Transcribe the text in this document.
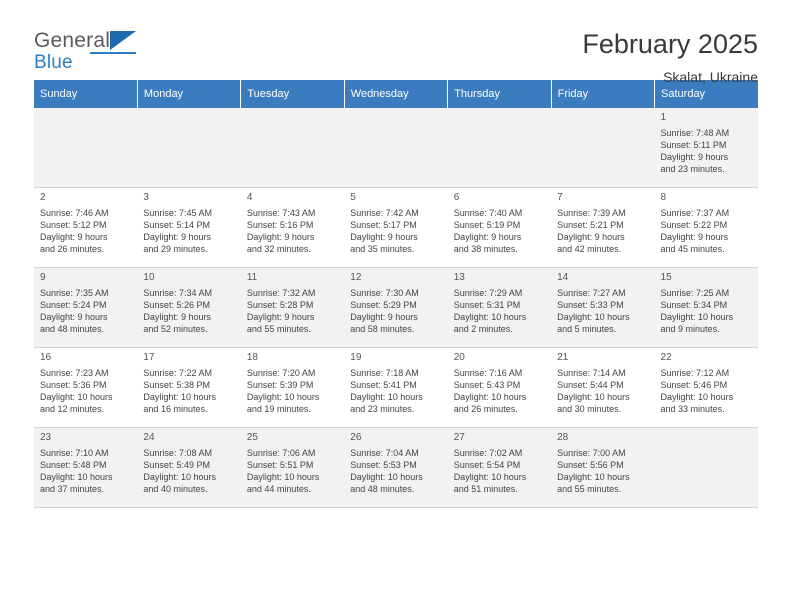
General
Blue
February 2025
Skalat, Ukraine
Sunday	Monday	Tuesday	Wednesday	Thursday	Friday	Saturday

						1
Sunrise: 7:48 AM
Sunset: 5:11 PM
Daylight: 9 hours
and 23 minutes.

2
Sunrise: 7:46 AM
Sunset: 5:12 PM
Daylight: 9 hours
and 26 minutes.	3
Sunrise: 7:45 AM
Sunset: 5:14 PM
Daylight: 9 hours
and 29 minutes.	4
Sunrise: 7:43 AM
Sunset: 5:16 PM
Daylight: 9 hours
and 32 minutes.	5
Sunrise: 7:42 AM
Sunset: 5:17 PM
Daylight: 9 hours
and 35 minutes.	6
Sunrise: 7:40 AM
Sunset: 5:19 PM
Daylight: 9 hours
and 38 minutes.	7
Sunrise: 7:39 AM
Sunset: 5:21 PM
Daylight: 9 hours
and 42 minutes.	8
Sunrise: 7:37 AM
Sunset: 5:22 PM
Daylight: 9 hours
and 45 minutes.

9
Sunrise: 7:35 AM
Sunset: 5:24 PM
Daylight: 9 hours
and 48 minutes.	10
Sunrise: 7:34 AM
Sunset: 5:26 PM
Daylight: 9 hours
and 52 minutes.	11
Sunrise: 7:32 AM
Sunset: 5:28 PM
Daylight: 9 hours
and 55 minutes.	12
Sunrise: 7:30 AM
Sunset: 5:29 PM
Daylight: 9 hours
and 58 minutes.	13
Sunrise: 7:29 AM
Sunset: 5:31 PM
Daylight: 10 hours
and 2 minutes.	14
Sunrise: 7:27 AM
Sunset: 5:33 PM
Daylight: 10 hours
and 5 minutes.	15
Sunrise: 7:25 AM
Sunset: 5:34 PM
Daylight: 10 hours
and 9 minutes.

16
Sunrise: 7:23 AM
Sunset: 5:36 PM
Daylight: 10 hours
and 12 minutes.	17
Sunrise: 7:22 AM
Sunset: 5:38 PM
Daylight: 10 hours
and 16 minutes.	18
Sunrise: 7:20 AM
Sunset: 5:39 PM
Daylight: 10 hours
and 19 minutes.	19
Sunrise: 7:18 AM
Sunset: 5:41 PM
Daylight: 10 hours
and 23 minutes.	20
Sunrise: 7:16 AM
Sunset: 5:43 PM
Daylight: 10 hours
and 26 minutes.	21
Sunrise: 7:14 AM
Sunset: 5:44 PM
Daylight: 10 hours
and 30 minutes.	22
Sunrise: 7:12 AM
Sunset: 5:46 PM
Daylight: 10 hours
and 33 minutes.

23
Sunrise: 7:10 AM
Sunset: 5:48 PM
Daylight: 10 hours
and 37 minutes.	24
Sunrise: 7:08 AM
Sunset: 5:49 PM
Daylight: 10 hours
and 40 minutes.	25
Sunrise: 7:06 AM
Sunset: 5:51 PM
Daylight: 10 hours
and 44 minutes.	26
Sunrise: 7:04 AM
Sunset: 5:53 PM
Daylight: 10 hours
and 48 minutes.	27
Sunrise: 7:02 AM
Sunset: 5:54 PM
Daylight: 10 hours
and 51 minutes.	28
Sunrise: 7:00 AM
Sunset: 5:56 PM
Daylight: 10 hours
and 55 minutes.	
